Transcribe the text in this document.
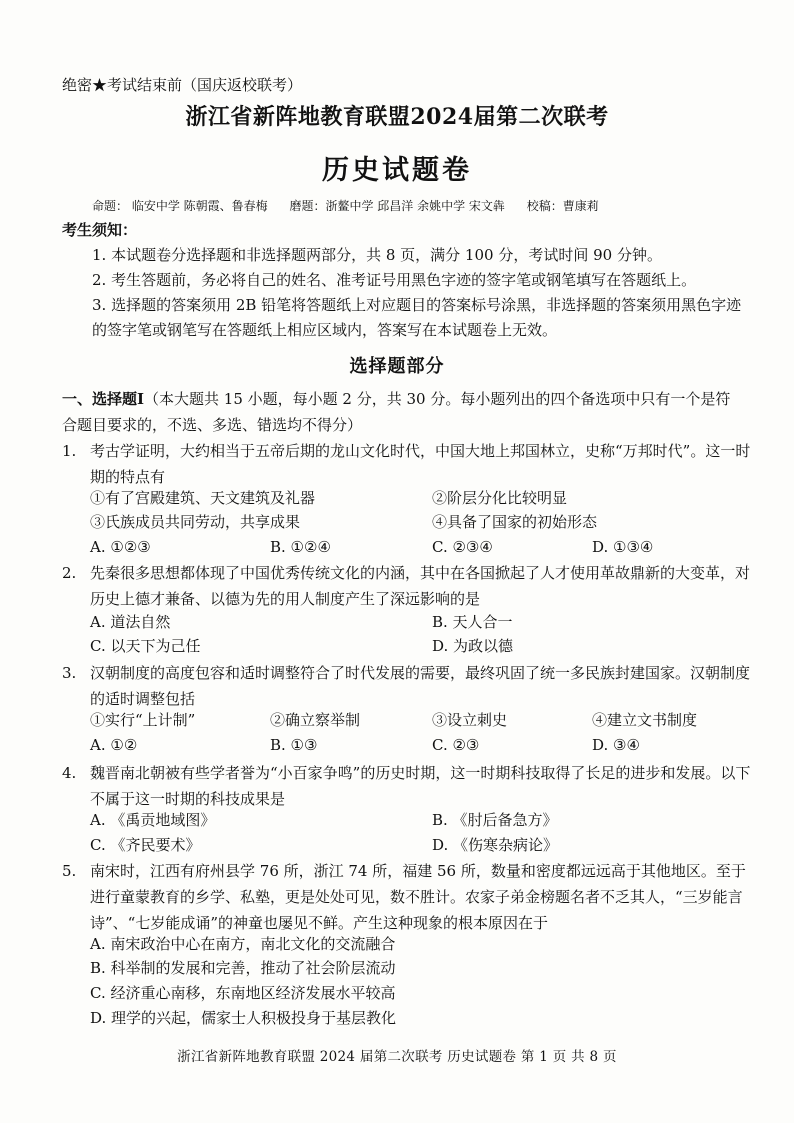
绝密★考试结束前（国庆返校联考）
浙江省新阵地教育联盟2024届第二次联考
历史试题卷
命题： 临安中学 陈朝霞、鲁春梅 磨题：浙鳌中学 邱昌洋 余姚中学 宋文犇 校稿：曹康莉
考生须知：
1. 本试题卷分选择题和非选择题两部分，共 8 页，满分 100 分，考试时间 90 分钟。
2. 考生答题前，务必将自己的姓名、准考证号用黑色字迹的签字笔或钢笔填写在答题纸上。
3. 选择题的答案须用 2B 铅笔将答题纸上对应题目的答案标号涂黑，非选择题的答案须用黑色字迹的签字笔或钢笔写在答题纸上相应区域内，答案写在本试题卷上无效。
选择题部分
一、选择题Ⅰ（本大题共 15 小题，每小题 2 分，共 30 分。每小题列出的四个备选项中只有一个是符合题目要求的，不选、多选、错选均不得分）
1. 考古学证明，大约相当于五帝后期的龙山文化时代，中国大地上邦国林立，史称“万邦时代”。这一时期的特点有
①有了宫殿建筑、天文建筑及礼器	②阶层分化比较明显
③氏族成员共同劳动，共享成果	④具备了国家的初始形态
A. ①②③	B. ①②④	C. ②③④	D. ①③④
2. 先秦很多思想都体现了中国优秀传统文化的内涵，其中在各国掀起了人才使用革故鼎新的大变革，对历史上德才兼备、以德为先的用人制度产生了深远影响的是
A. 道法自然	B. 天人合一
C. 以天下为己任	D. 为政以德
3. 汉朝制度的高度包容和适时调整符合了时代发展的需要，最终巩固了统一多民族封建国家。汉朝制度的适时调整包括
①实行“上计制”	②确立察举制	③设立刺史	④建立文书制度
A. ①②	B. ①③	C. ②③	D. ③④
4. 魏晋南北朝被有些学者誉为“小百家争鸣”的历史时期，这一时期科技取得了长足的进步和发展。以下不属于这一时期的科技成果是
A. 《禹贡地域图》	B. 《肘后备急方》
C. 《齐民要术》	D. 《伤寒杂病论》
5. 南宋时，江西有府州县学 76 所，浙江 74 所，福建 56 所，数量和密度都远远高于其他地区。至于进行童蒙教育的乡学、私塾，更是处处可见，数不胜计。农家子弟金榜题名者不乏其人，“三岁能言诗”、“七岁能成诵”的神童也屡见不鲜。产生这种现象的根本原因在于
A. 南宋政治中心在南方，南北文化的交流融合
B. 科举制的发展和完善，推动了社会阶层流动
C. 经济重心南移，东南地区经济发展水平较高
D. 理学的兴起，儒家士人积极投身于基层教化
浙江省新阵地教育联盟 2024 届第二次联考 历史试题卷 第 1 页 共 8 页
